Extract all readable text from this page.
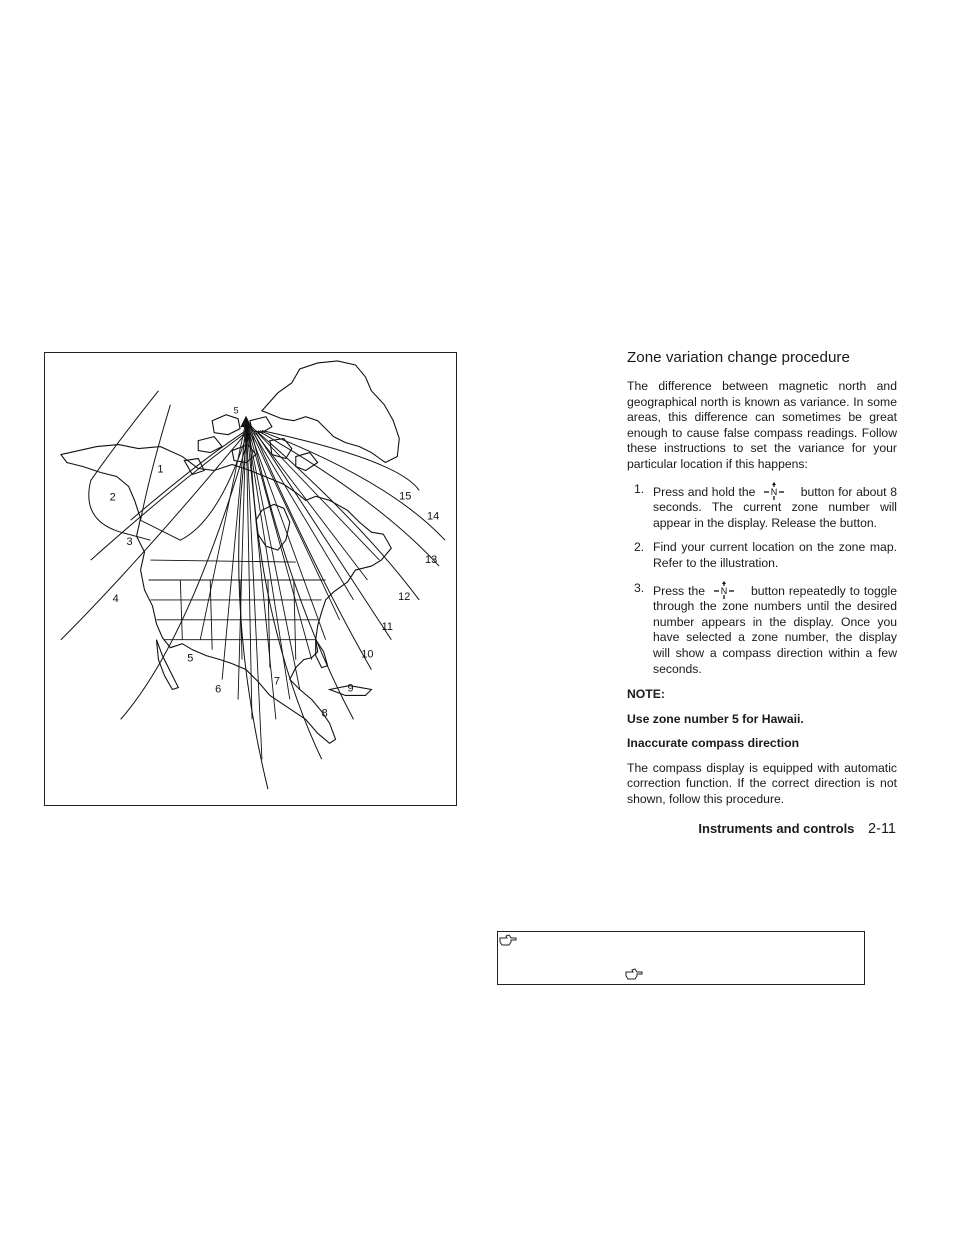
1
2
3
4
5
6
7
8
9
10
11
12
13
14
15
5
Zone variation change procedure

The difference between magnetic north and geographical north is known as variance. In some areas, this difference can sometimes be great enough to cause false compass readings. Follow these instructions to set the variance for your particular location if this happens:

1. Press and hold the N button for about 8 seconds. The current zone number will appear in the display. Release the button.
2. Find your current location on the zone map. Refer to the illustration.
3. Press the N button repeatedly to toggle through the zone numbers until the desired number appears in the display. Once you have selected a zone number, the display will show a compass direction within a few seconds.

NOTE:

Use zone number 5 for Hawaii.

Inaccurate compass direction

The compass display is equipped with automatic correction function. If the correct direction is not shown, follow this procedure.

Instruments and controls 2-11
